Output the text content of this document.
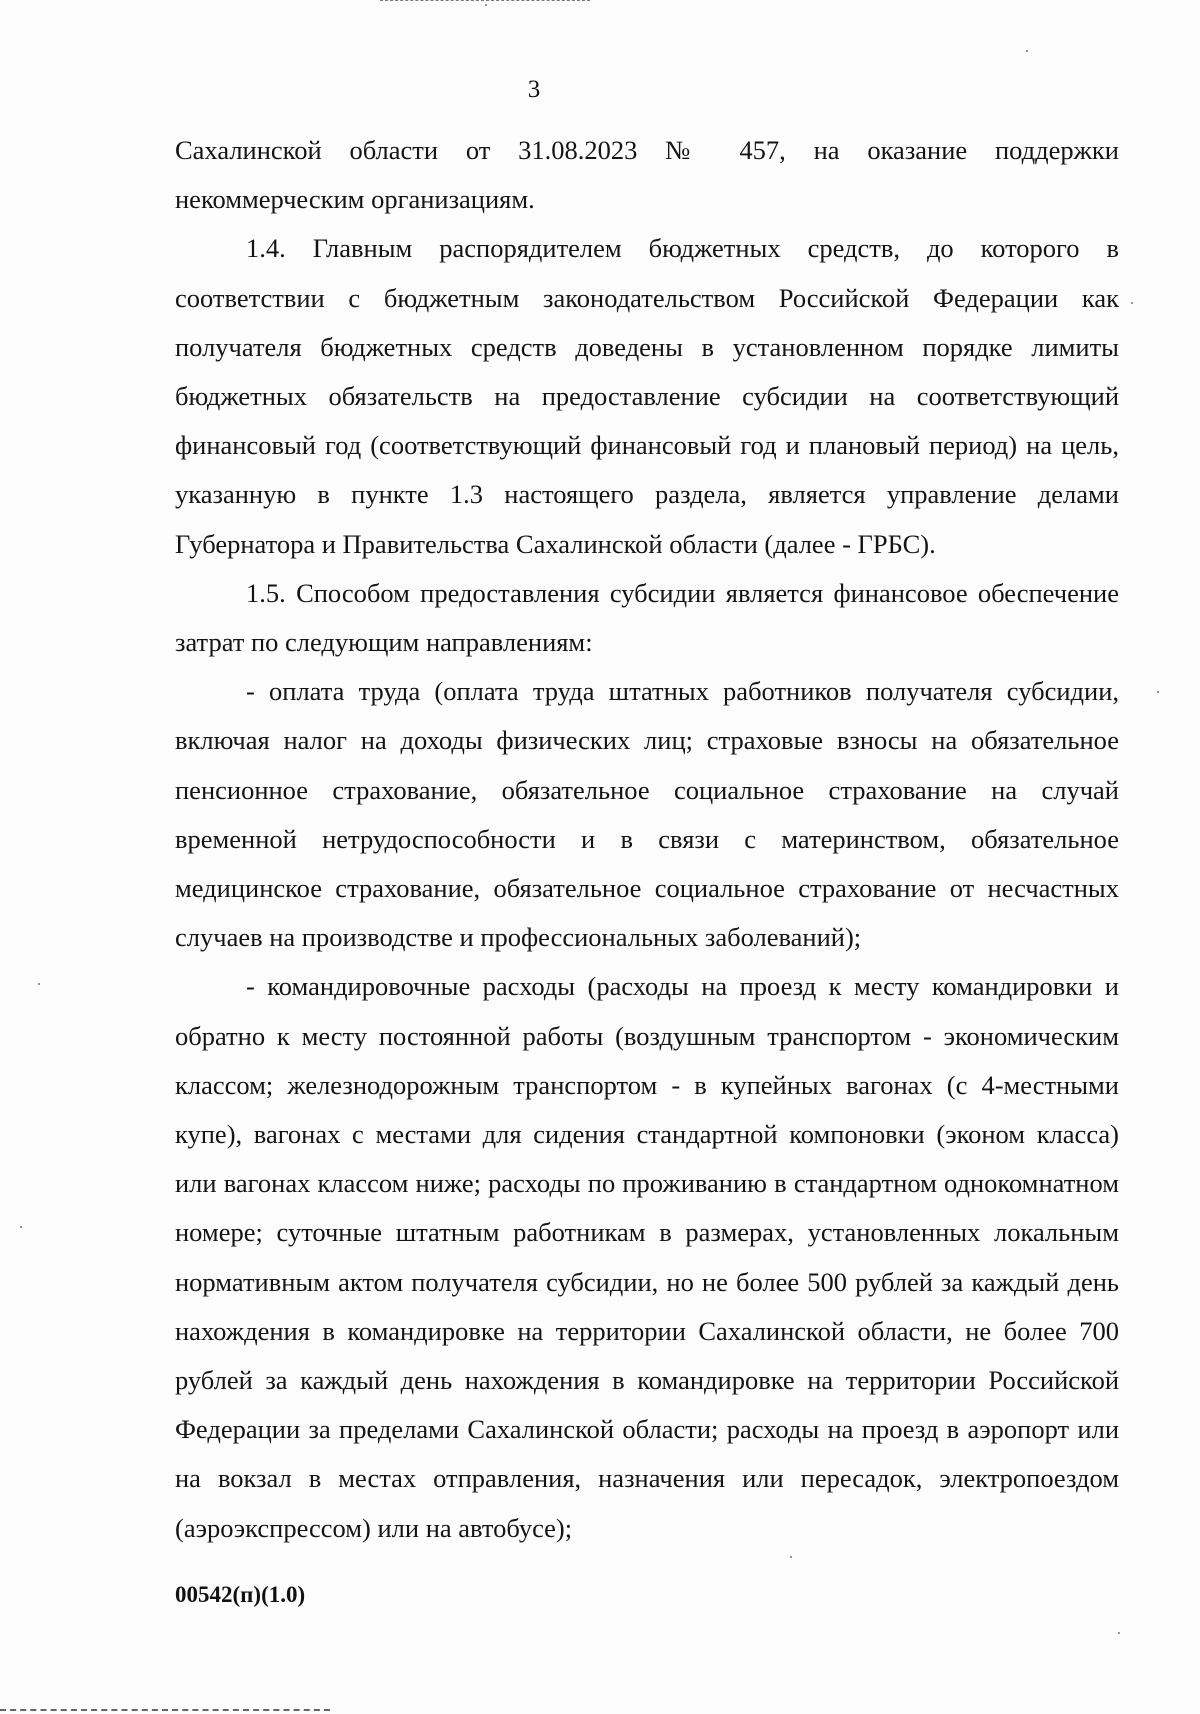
3

Сахалинской области от 31.08.2023 № 457, на оказание поддержки некоммерческим организациям.

1.4. Главным распорядителем бюджетных средств, до которого в соответствии с бюджетным законодательством Российской Федерации как получателя бюджетных средств доведены в установленном порядке лимиты бюджетных обязательств на предоставление субсидии на соответствующий финансовый год (соответствующий финансовый год и плановый период) на цель, указанную в пункте 1.3 настоящего раздела, является управление делами Губернатора и Правительства Сахалинской области (далее - ГРБС).

1.5. Способом предоставления субсидии является финансовое обеспечение затрат по следующим направлениям:

- оплата труда (оплата труда штатных работников получателя субсидии, включая налог на доходы физических лиц; страховые взносы на обязательное пенсионное страхование, обязательное социальное страхование на случай временной нетрудоспособности и в связи с материнством, обязательное медицинское страхование, обязательное социальное страхование от несчастных случаев на производстве и профессиональных заболеваний);

- командировочные расходы (расходы на проезд к месту командировки и обратно к месту постоянной работы (воздушным транспортом - экономическим классом; железнодорожным транспортом - в купейных вагонах (с 4-местными купе), вагонах с местами для сидения стандартной компоновки (эконом класса) или вагонах классом ниже; расходы по проживанию в стандартном однокомнатном номере; суточные штатным работникам в размерах, установленных локальным нормативным актом получателя субсидии, но не более 500 рублей за каждый день нахождения в командировке на территории Сахалинской области, не более 700 рублей за каждый день нахождения в командировке на территории Российской Федерации за пределами Сахалинской области; расходы на проезд в аэропорт или на вокзал в местах отправления, назначения или пересадок, электропоездом (аэроэкспрессом) или на автобусе);

00542(п)(1.0)
